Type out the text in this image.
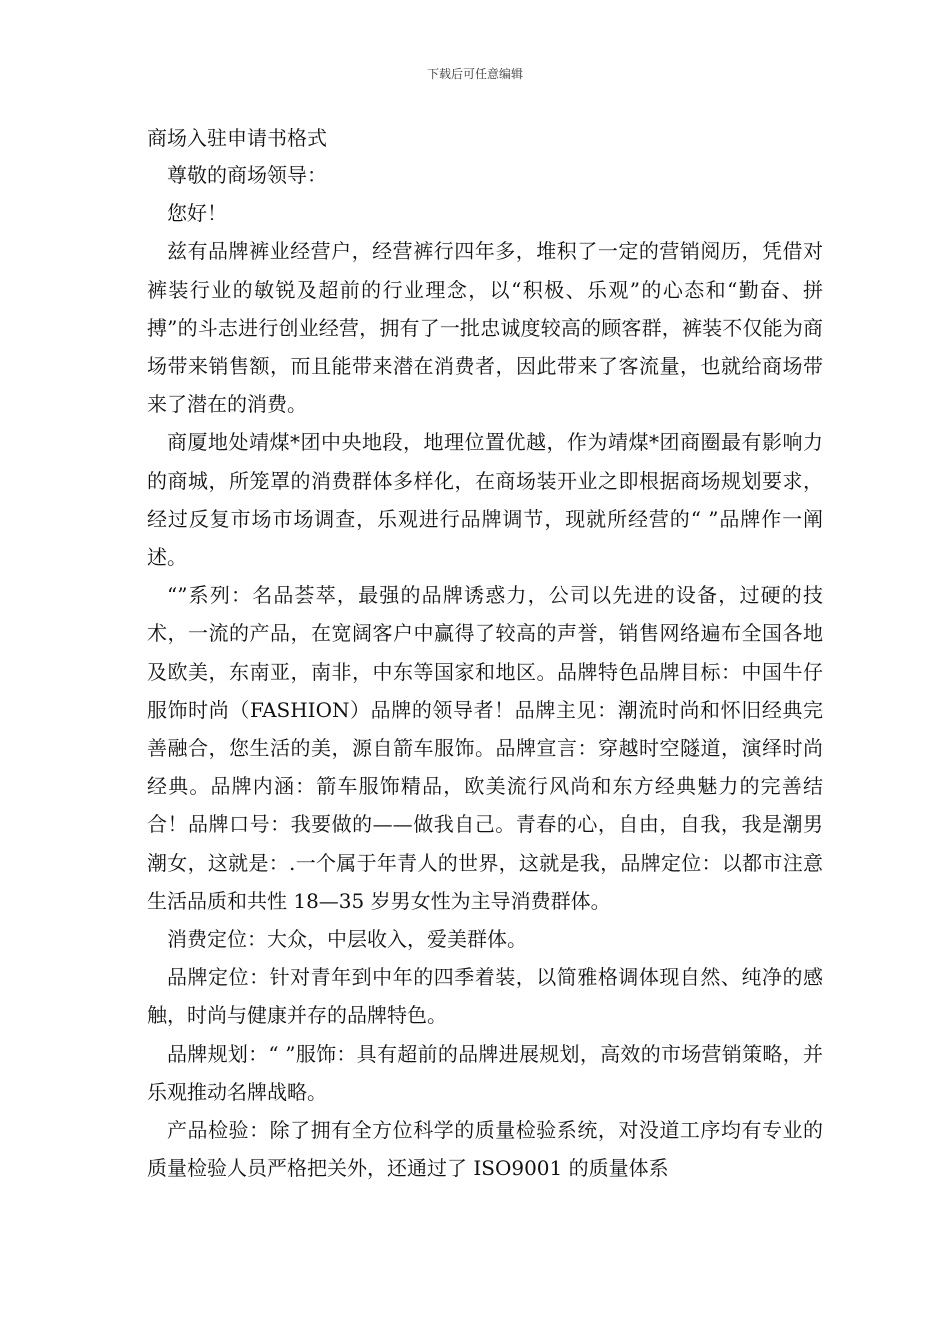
下载后可任意编辑
商场入驻申请书格式

尊敬的商场领导：

您好！

兹有品牌裤业经营户，经营裤行四年多，堆积了一定的营销阅历，凭借对裤装行业的敏锐及超前的行业理念，以“积极、乐观”的心态和“勤奋、拼搏”的斗志进行创业经营，拥有了一批忠诚度较高的顾客群，裤装不仅能为商场带来销售额，而且能带来潜在消费者，因此带来了客流量，也就给商场带来了潜在的消费。

商厦地处靖煤*团中央地段，地理位置优越，作为靖煤*团商圈最有影响力的商城，所笼罩的消费群体多样化，在商场装开业之即根据商场规划要求，经过反复市场市场调查，乐观进行品牌调节，现就所经营的“ ”品牌作一阐述。

“”系列：名品荟萃，最强的品牌诱惑力，公司以先进的设备，过硬的技术，一流的产品，在宽阔客户中赢得了较高的声誉，销售网络遍布全国各地及欧美，东南亚，南非，中东等国家和地区。品牌特色品牌目标：中国牛仔服饰时尚（FASHION）品牌的领导者！品牌主见：潮流时尚和怀旧经典完善融合，您生活的美，源自箭车服饰。品牌宣言：穿越时空隧道，演绎时尚经典。品牌内涵：箭车服饰精品，欧美流行风尚和东方经典魅力的完善结合！品牌口号：我要做的——做我自己。青春的心，自由，自我，我是潮男潮女，这就是：.一个属于年青人的世界，这就是我，品牌定位：以都市注意生活品质和共性 18—35 岁男女性为主导消费群体。

消费定位：大众，中层收入，爱美群体。

品牌定位：针对青年到中年的四季着装，以简雅格调体现自然、纯净的感触，时尚与健康并存的品牌特色。

品牌规划：“ ”服饰：具有超前的品牌进展规划，高效的市场营销策略，并乐观推动名牌战略。

产品检验：除了拥有全方位科学的质量检验系统，对没道工序均有专业的质量检验人员严格把关外，还通过了 ISO9001 的质量体系
